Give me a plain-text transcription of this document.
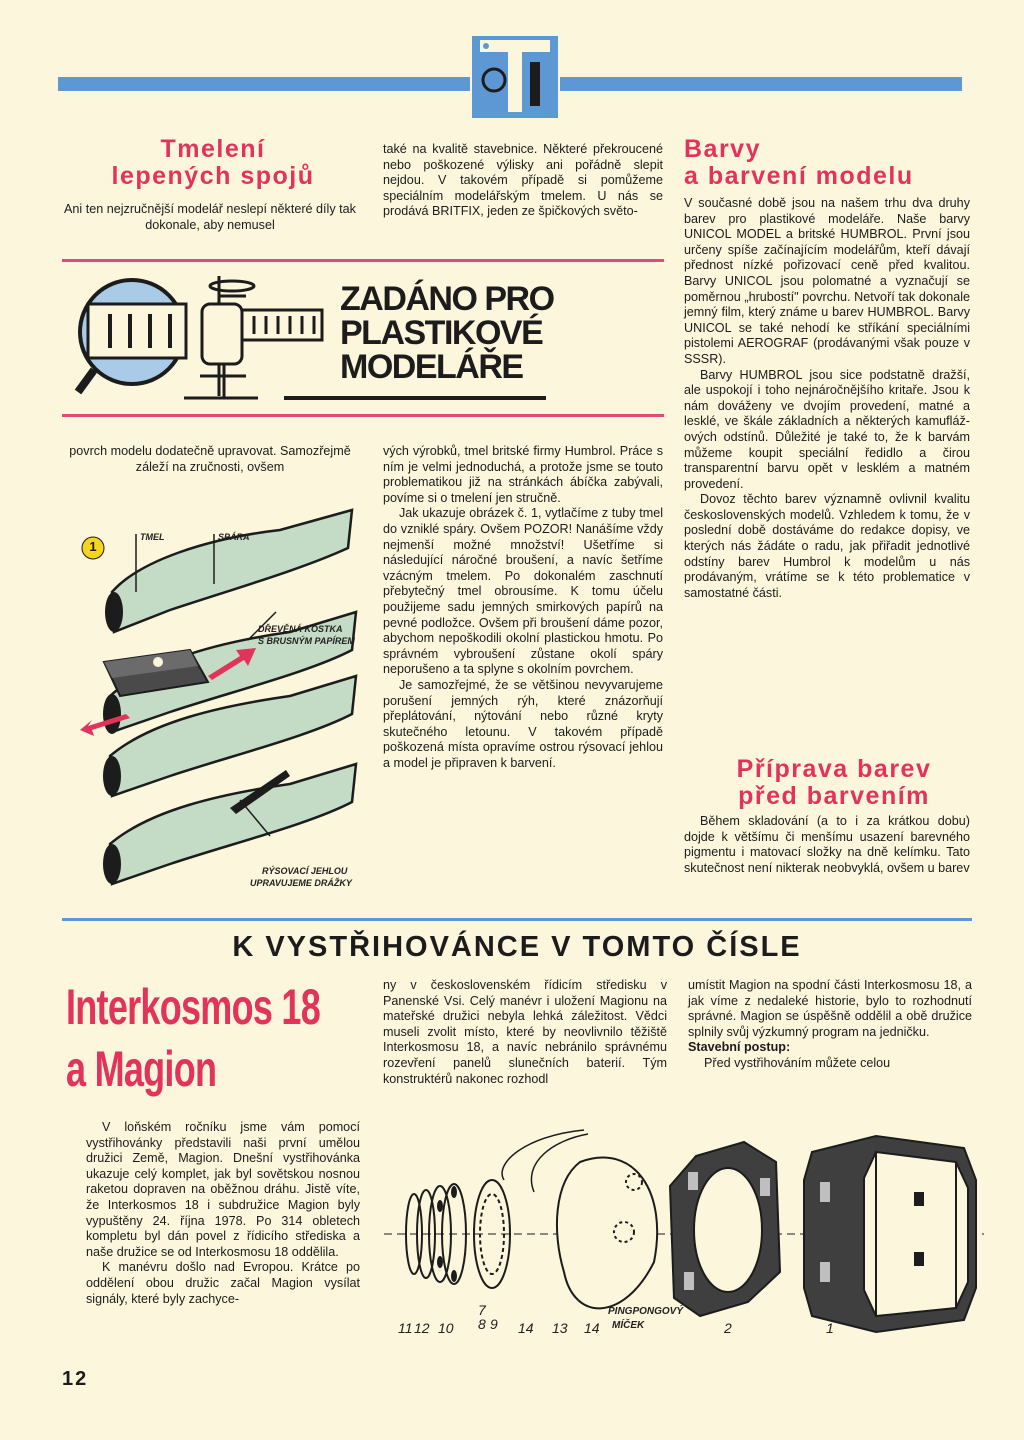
Tmelení
lepených spojů
Ani ten nejzručnější modelář neslepí některé díly tak dokonale, aby nemusel
také na kvalitě stavebnice. Některé překroucené nebo poškozené výlisky ani pořádně slepit nejdou. V takovém případě si pomůžeme speciálním modelářským tmelem. U nás se prodává BRITFIX, jeden ze špičkových světo-
Barvy
a barvení modelu

V současné době jsou na našem trhu dva druhy barev pro plastikové modeláře. Naše barvy UNICOL MODEL a britské HUMBROL. První jsou určeny spíše začínajícím modelářům, kteří dávají přednost nízké pořizovací ceně před kvalitou. Barvy UNICOL jsou polomatné a vyznačují se poměrnou „hrubostí" povrchu. Netvoří tak dokonale jemný film, který známe u barev HUMBROL. Barvy UNICOL se také nehodí ke stříkání speciálními pistolemi AEROGRAF (prodávanými však pouze v SSSR).

Barvy HUMBROL jsou sice podstatně dražší, ale uspokojí i toho nejnáročnějšího kritaře. Jsou k nám dováženy ve dvojím provedení, matné a lesklé, ve škále základních a některých kamuflážových odstínů. Důležité je také to, že k barvám můžeme koupit speciální ředidlo a čirou transparentní barvu opět v lesklém a matném provedení.

Dovoz těchto barev významně ovlivnil kvalitu československých modelů. Vzhledem k tomu, že v poslední době dostáváme do redakce dopisy, ve kterých nás žádáte o radu, jak přiřadit jednotlivé odstíny barev Humbrol k modelům u nás prodávaným, vrátíme se k této problematice v samostatné části.

Příprava barev
před barvením
Během skladování (a to i za krátkou dobu) dojde k většímu či menšímu usazení barevného pigmentu i matovací složky na dně kelímku. Tato skutečnost není nikterak neobvyklá, ovšem u barev
ZADÁNO PRO
PLASTIKOVÉ
MODELÁŘE
povrch modelu dodatečně upravovat. Samozřejmě záleží na zručnosti, ovšem
1
TMEL	SPÁRA
DŘEVĚNÁ KOSTKA
S BRUSNÝM PAPÍREM
RÝSOVACÍ JEHLOU
UPRAVUJEME DRÁŽKY

vých výrobků, tmel britské firmy Humbrol. Práce s ním je velmi jednoduchá, a protože jsme se touto problematikou již na stránkách ábíčka zabývali, povíme si o tmelení jen stručně.

Jak ukazuje obrázek č. 1, vytlačíme z tuby tmel do vzniklé spáry. Ovšem POZOR! Nanášíme vždy nejmenší možné množství! Ušetříme si následující náročné broušení, a navíc šetříme vzácným tmelem. Po dokonalém zaschnutí přebytečný tmel obrousíme. K tomu účelu použijeme sadu jemných smirkových papírů na pevné podložce. Ovšem při broušení dáme pozor, abychom nepoškodili okolní plastickou hmotu. Po správném vybroušení zůstane okolí spáry neporušeno a ta splyne s okolním povrchem.

Je samozřejmé, že se většinou nevyvarujeme porušení jemných rýh, které znázorňují přeplátování, nýtování nebo různé kryty skutečného letounu. V takovém případě poškozená místa opravíme ostrou rýsovací jehlou a model je připraven k barvení.

K VYSTŘIHOVÁNCE V TOMTO ČÍSLE
Interkosmos 18
a Magion

V loňském ročníku jsme vám pomocí vystřihovánky představili naši první umělou družici Země, Magion. Dnešní vystřihovánka ukazuje celý komplet, jak byl sovětskou nosnou raketou dopraven na oběžnou dráhu. Jistě víte, že Interkosmos 18 i subdružice Magion byly vypuštěny 24. října 1978. Po 314 obletech kompletu byl dán povel z řídicího střediska a naše družice se od Interkosmosu 18 oddělila.

K manévru došlo nad Evropou. Krátce po oddělení obou družic začal Magion vysílat signály, které byly zachyce-

ny v československém řídicím středisku v Panenské Vsi. Celý manévr i uložení Magionu na mateřské družici nebyla lehká záležitost. Vědci museli zvolit místo, které by neovlivnilo těžiště Interkosmosu 18, a navíc nebránilo správnému rozevření panelů slunečních baterií. Tým konstruktérů nakonec rozhodl

umístit Magion na spodní části Interkosmosu 18, a jak víme z nedaleké historie, bylo to rozhodnutí správné. Magion se úspěšně oddělil a obě družice splnily svůj výzkumný program na jedničku.

Stavební postup:

Před vystřihováním můžete celou

11 12 10
7
8 9 14 13 14	2	1
PINGPONGOVÝ
MÍČEK
12
